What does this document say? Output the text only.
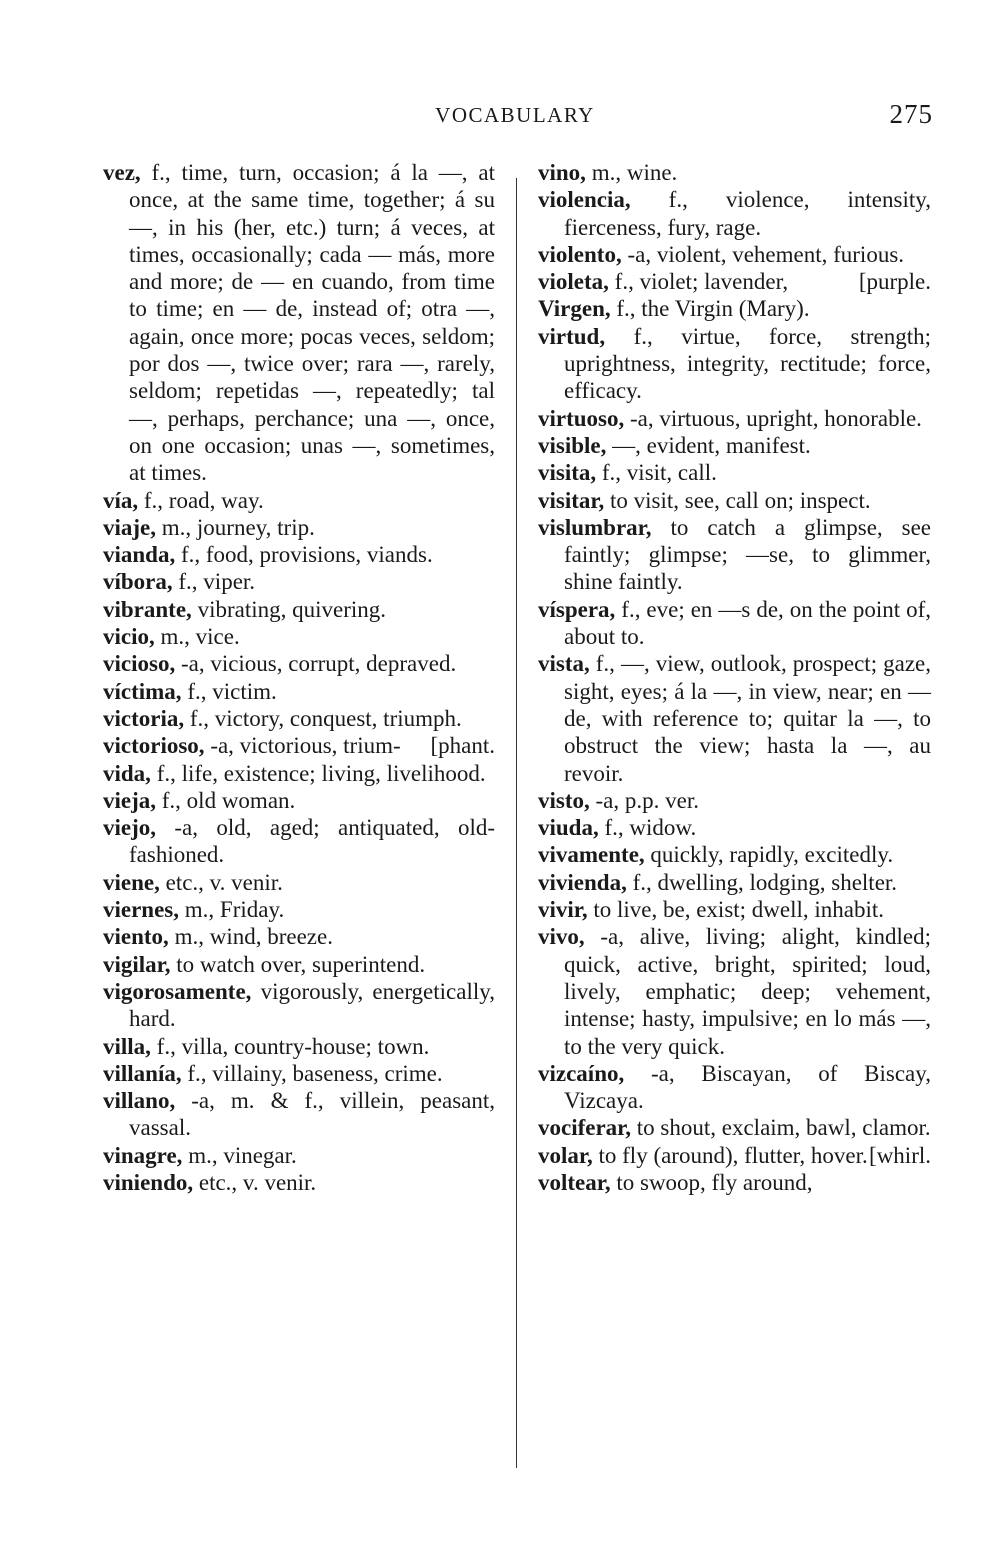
VOCABULARY	275

vez, f., time, turn, occasion; á la —, at once, at the same time, together; á su —, in his (her, etc.) turn; á veces, at times, occasionally; cada — más, more and more; de — en cuando, from time to time; en — de, instead of; otra —, again, once more; pocas veces, seldom; por dos —, twice over; rara —, rarely, seldom; repetidas —, repeatedly; tal —, perhaps, perchance; una —, once, on one occasion; unas —, sometimes, at times.

vía, f., road, way.

viaje, m., journey, trip.

vianda, f., food, provisions, viands.

víbora, f., viper.

vibrante, vibrating, quivering.

vicio, m., vice.

vicioso, -a, vicious, corrupt, depraved.

víctima, f., victim.

victoria, f., victory, conquest, triumph.
[phant.

victorioso, -a, victorious, trium-

vida, f., life, existence; living, livelihood.

vieja, f., old woman.

viejo, -a, old, aged; antiquated, old-fashioned.

viene, etc., v. venir.

viernes, m., Friday.

viento, m., wind, breeze.

vigilar, to watch over, superintend.

vigorosamente, vigorously, energetically, hard.

villa, f., villa, country-house; town.

villanía, f., villainy, baseness, crime.

villano, -a, m. & f., villein, peasant, vassal.

vinagre, m., vinegar.

viniendo, etc., v. venir.

vino, m., wine.

violencia, f., violence, intensity, fierceness, fury, rage.

violento, -a, violent, vehement, furious.
[purple.

violeta, f., violet; lavender,

Virgen, f., the Virgin (Mary).

virtud, f., virtue, force, strength; uprightness, integrity, rectitude; force, efficacy.

virtuoso, -a, virtuous, upright, honorable.

visible, —, evident, manifest.

visita, f., visit, call.

visitar, to visit, see, call on; inspect.

vislumbrar, to catch a glimpse, see faintly; glimpse; —se, to glimmer, shine faintly.

víspera, f., eve; en —s de, on the point of, about to.

vista, f., —, view, outlook, prospect; gaze, sight, eyes; á la —, in view, near; en — de, with reference to; quitar la —, to obstruct the view; hasta la —, au revoir.

visto, -a, p.p. ver.

viuda, f., widow.

vivamente, quickly, rapidly, excitedly.

vivienda, f., dwelling, lodging, shelter.

vivir, to live, be, exist; dwell, inhabit.

vivo, -a, alive, living; alight, kindled; quick, active, bright, spirited; loud, lively, emphatic; deep; vehement, intense; hasty, impulsive; en lo más —, to the very quick.

vizcaíno, -a, Biscayan, of Biscay, Vizcaya.

vociferar, to shout, exclaim, bawl, clamor.

volar, to fly (around), flutter, hover. [whirl.

voltear, to swoop, fly around,
